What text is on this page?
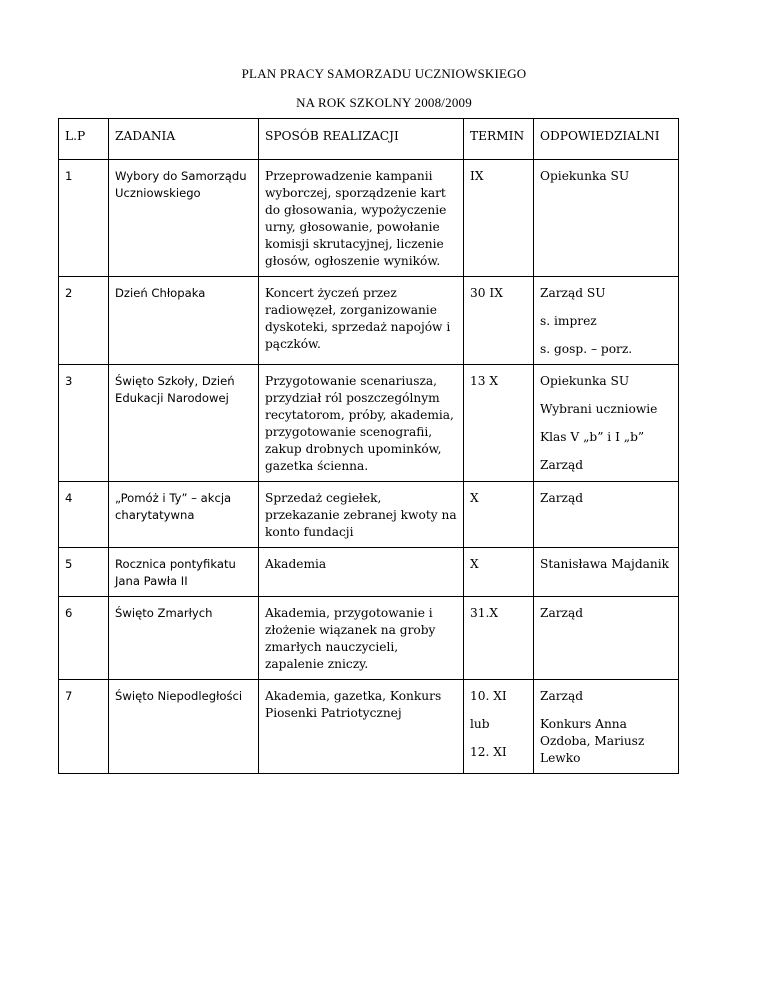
PLAN PRACY SAMORZADU UCZNIOWSKIEGO
NA ROK SZKOLNY 2008/2009
L.P	ZADANIA	SPOSÓB REALIZACJI	TERMIN	ODPOWIEDZIALNI
1	Wybory do Samorządu Uczniowskiego	Przeprowadzenie kampanii wyborczej, sporządzenie kart do głosowania, wypożyczenie urny, głosowanie, powołanie komisji skrutacyjnej, liczenie głosów, ogłoszenie wyników.	IX	Opiekunka SU

2	Dzień Chłopaka	Koncert życzeń przez radiowęzeł, zorganizowanie dyskoteki, sprzedaż napojów i pączków.	30 IX	Zarząd SU
s. imprez
s. gosp. – porz.

3	Święto Szkoły, Dzień Edukacji Narodowej	Przygotowanie scenariusza, przydział ról poszczególnym recytatorom, próby, akademia, przygotowanie scenografii, zakup drobnych upominków, gazetka ścienna.	13 X	Opiekunka SU
Wybrani uczniowie
Klas V „b” i I „b”
Zarząd

4	„Pomóż i Ty” – akcja charytatywna	Sprzedaż cegiełek, przekazanie zebranej kwoty na konto fundacji	X	Zarząd

5	Rocznica pontyfikatu Jana Pawła II	Akademia	X	Stanisława Majdanik

6	Święto Zmarłych	Akademia, przygotowanie i złożenie wiązanek na groby zmarłych nauczycieli, zapalenie zniczy.	31.X	Zarząd

7	Święto Niepodległości	Akademia, gazetka, Konkurs Piosenki Patriotycznej	10. XI
lub
12. XI	Zarząd
Konkurs Anna Ozdoba, Mariusz Lewko
